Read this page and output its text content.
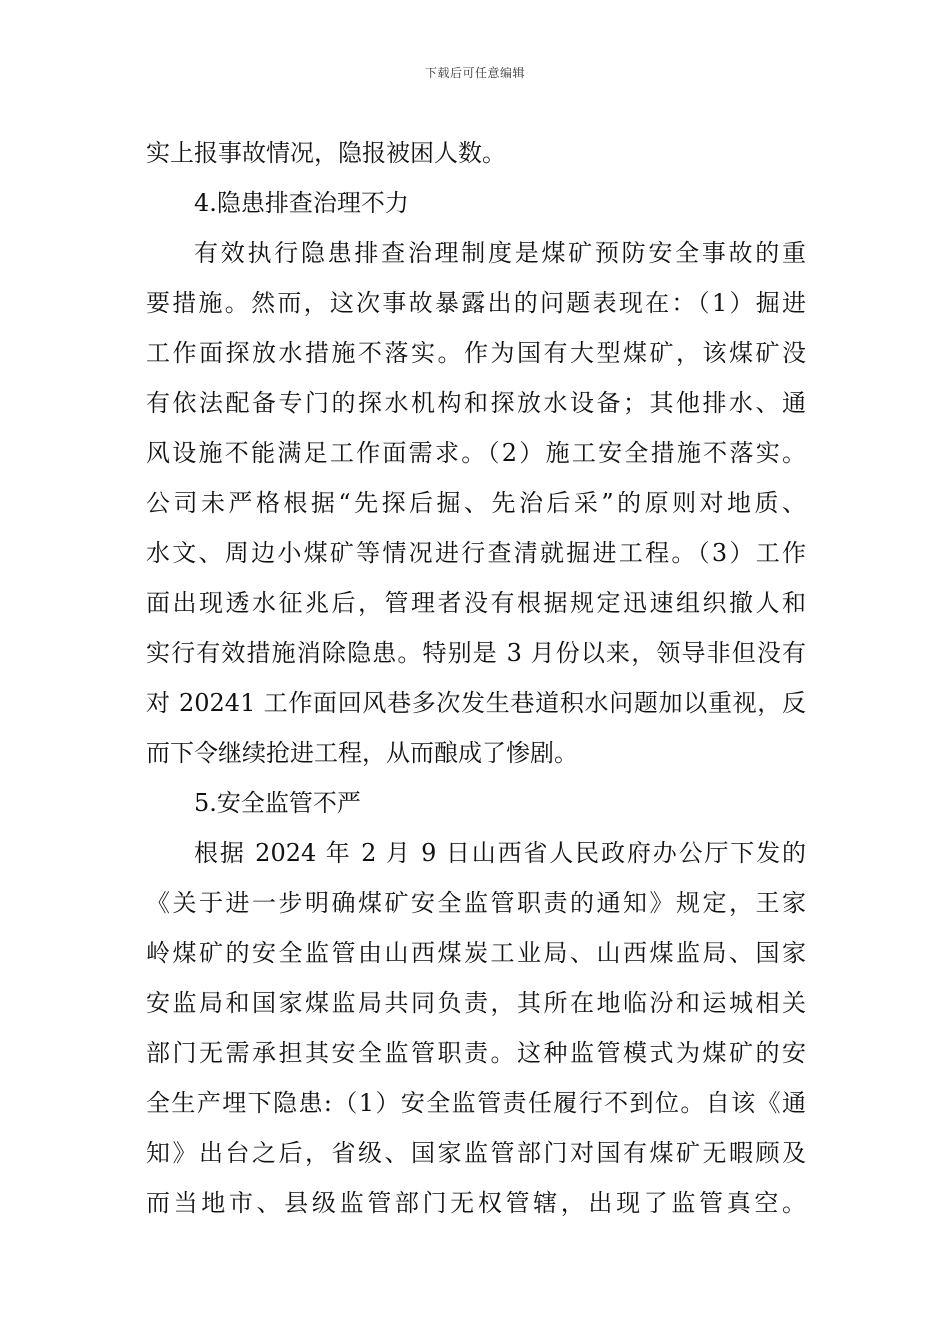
下载后可任意编辑
实上报事故情况，隐报被困人数。
4.隐患排查治理不力
有效执行隐患排查治理制度是煤矿预防安全事故的重
要措施。然而，这次事故暴露出的问题表现在：（1）掘进
工作面探放水措施不落实。作为国有大型煤矿，该煤矿没
有依法配备专门的探水机构和探放水设备；其他排水、通
风设施不能满足工作面需求。（2）施工安全措施不落实。
公司未严格根据“先探后掘、先治后采”的原则对地质、
水文、周边小煤矿等情况进行查清就掘进工程。（3）工作
面出现透水征兆后，管理者没有根据规定迅速组织撤人和
实行有效措施消除隐患。特别是 3 月份以来，领导非但没有
对 20241 工作面回风巷多次发生巷道积水问题加以重视，反
而下令继续抢进工程，从而酿成了惨剧。
5.安全监管不严
根据 2024 年 2 月 9 日山西省人民政府办公厅下发的
《关于进一步明确煤矿安全监管职责的通知》规定，王家
岭煤矿的安全监管由山西煤炭工业局、山西煤监局、国家
安监局和国家煤监局共同负责，其所在地临汾和运城相关
部门无需承担其安全监管职责。这种监管模式为煤矿的安
全生产埋下隐患:（1）安全监管责任履行不到位。自该《通
知》出台之后，省级、国家监管部门对国有煤矿无暇顾及
而当地市、县级监管部门无权管辖，出现了监管真空。
